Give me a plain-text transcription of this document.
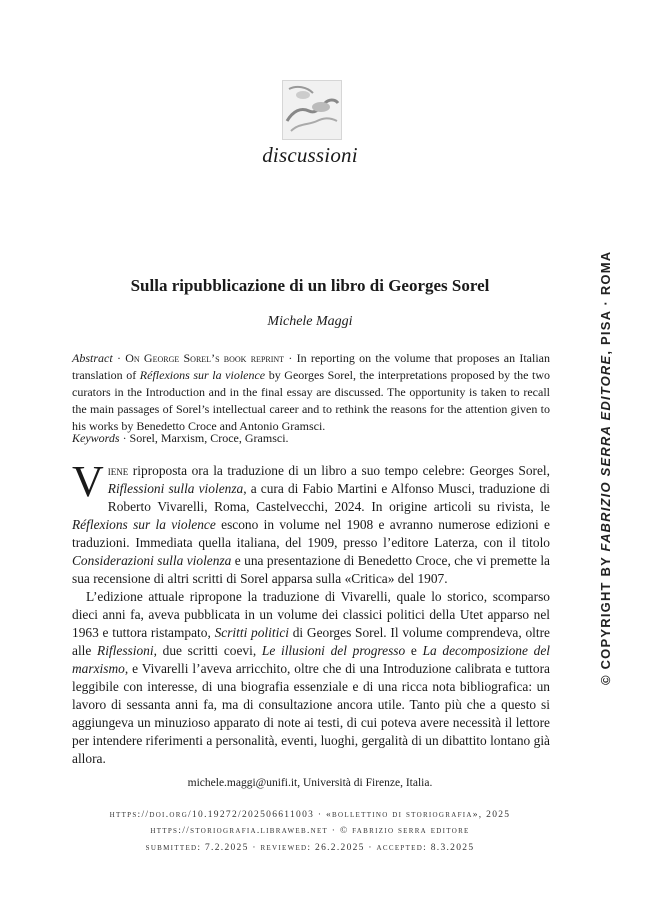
discussioni
© COPYRIGHT BY FABRIZIO SERRA EDITORE, PISA · ROMA
Sulla ripubblicazione di un libro di Georges Sorel
Michele Maggi
Abstract · On George Sorel’s book reprint · In reporting on the volume that proposes an Italian translation of Réflexions sur la violence by Georges Sorel, the interpretations proposed by the two curators in the Introduction and in the final essay are discussed. The opportunity is taken to recall the main passages of Sorel’s intellectual career and to rethink the reasons for the attention given to his works by Benedetto Croce and Antonio Gramsci.
Keywords · Sorel, Marxism, Croce, Gramsci.

Viene riproposta ora la traduzione di un libro a suo tempo celebre: Georges Sorel, Riflessioni sulla violenza, a cura di Fabio Martini e Alfonso Musci, traduzione di Roberto Vivarelli, Roma, Castelvecchi, 2024. In origine articoli su rivista, le Réflexions sur la violence escono in volume nel 1908 e avranno numerose edizioni e traduzioni. Immediata quella italiana, del 1909, presso l’editore Laterza, con il titolo Considerazioni sulla violenza e una presentazione di Benedetto Croce, che vi premette la sua recensione di altri scritti di Sorel apparsa sulla «Critica» del 1907.

L’edizione attuale ripropone la traduzione di Vivarelli, quale lo storico, scomparso dieci anni fa, aveva pubblicata in un volume dei classici politici della Utet apparso nel 1963 e tuttora ristampato, Scritti politici di Georges Sorel. Il volume comprendeva, oltre alle Riflessioni, due scritti coevi, Le illusioni del progresso e La decomposizione del marxismo, e Vivarelli l’aveva arricchito, oltre che di una Introduzione calibrata e tuttora leggibile con interesse, di una biografia essenziale e di una ricca nota bibliografica: un lavoro di sessanta anni fa, ma di consultazione ancora utile. Tanto più che a questo si aggiungeva un minuzioso apparato di note ai testi, di cui poteva avere necessità il lettore per intendere riferimenti a personalità, eventi, luoghi, gergalità di un dibattito lontano già allora.

michele.maggi@unifi.it, Università di Firenze, Italia.
https://doi.org/10.19272/202506611003 · «bollettino di storiografia», 2025
https://storiografia.libraweb.net · © fabrizio serra editore
submitted: 7.2.2025 · reviewed: 26.2.2025 · accepted: 8.3.2025
